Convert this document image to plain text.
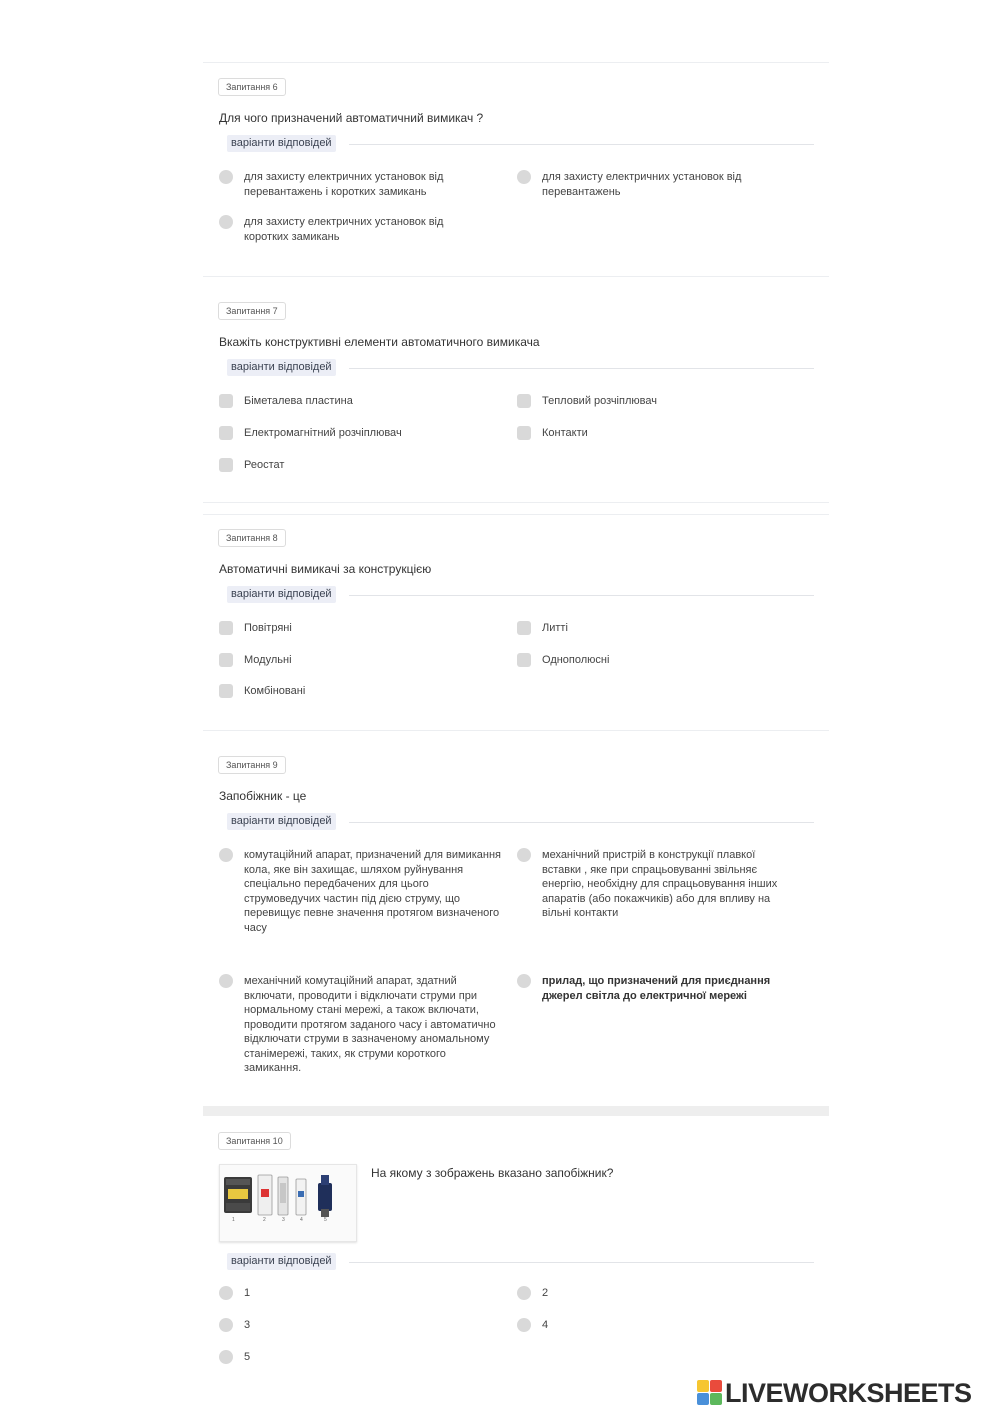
Запитання 6
Для чого призначений автоматичний вимикач ?
варіанти відповідей
для захисту електричних установок від перевантажень і коротких замикань
для захисту електричних установок від перевантажень
для захисту електричних установок від коротких замикань
Запитання 7
Вкажіть конструктивні елементи автоматичного вимикача
варіанти відповідей
Біметалева пластина	Тепловий розчіплювач
Електромагнітний розчіплювач	Контакти
Реостат
Запитання 8
Автоматичні вимикачі за конструкцією
варіанти відповідей
Повітряні	Литті
Модульні	Однополюсні
Комбіновані
Запитання 9
Запобіжник - це
варіанти відповідей
комутаційний апарат, призначений для вимикання кола, яке він захищає, шляхом руйнування спеціально передбачених для цього струмоведучих частин під дією струму, що перевищує певне значення протягом визначеного часу
механічний пристрій в конструкції плавкої вставки , яке при спрацьовуванні звільняє енергію, необхідну для спрацьовування інших апаратів (або покажчиків) або для впливу на вільні контакти
механічний комутаційний апарат, здатний включати, проводити і відключати струми при нормальному стані мережі, а також включати, проводити протягом заданого часу і автоматично відключати струми в зазначеному аномальному станімережі, таких, як струми короткого замикання.
прилад, що призначений для приєднання джерел світла до електричної мережі
Запитання 10
1	2	3	4	5
На якому з зображень вказано запобіжник?
варіанти відповідей
1	2
3	4
5
LIVEWORKSHEETS
